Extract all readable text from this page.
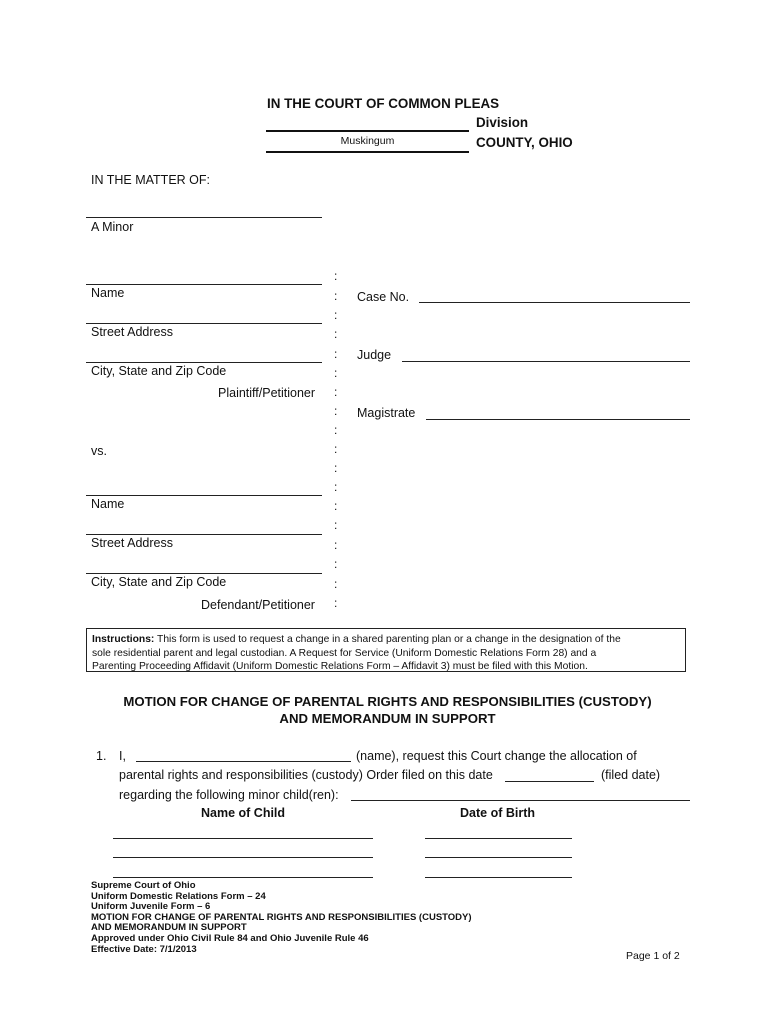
IN THE COURT OF COMMON PLEAS
Division
Muskingum	COUNTY, OHIO
IN THE MATTER OF:
A Minor
Name
Street Address
City, State and Zip Code
Plaintiff/Petitioner
vs.
Name
Street Address
City, State and Zip Code
Defendant/Petitioner
:
:
:
:
:
:
:
:
:
:
:
:
:
:
:
:
:
:
Case No.
Judge
Magistrate
Instructions: This form is used to request a change in a shared parenting plan or a change in the designation of the
sole residential parent and legal custodian. A Request for Service (Uniform Domestic Relations Form 28) and a
Parenting Proceeding Affidavit (Uniform Domestic Relations Form – Affidavit 3) must be filed with this Motion.
MOTION FOR CHANGE OF PARENTAL RIGHTS AND RESPONSIBILITIES (CUSTODY)
AND MEMORANDUM IN SUPPORT
1. I,	(name), request this Court change the allocation of
parental rights and responsibilities (custody) Order filed on this date	(filed date)
regarding the following minor child(ren):
Name of Child	Date of Birth
Supreme Court of Ohio
Uniform Domestic Relations Form – 24
Uniform Juvenile Form – 6
MOTION FOR CHANGE OF PARENTAL RIGHTS AND RESPONSIBILITIES (CUSTODY)
AND MEMORANDUM IN SUPPORT
Approved under Ohio Civil Rule 84 and Ohio Juvenile Rule 46
Effective Date: 7/1/2013
Page 1 of 2
